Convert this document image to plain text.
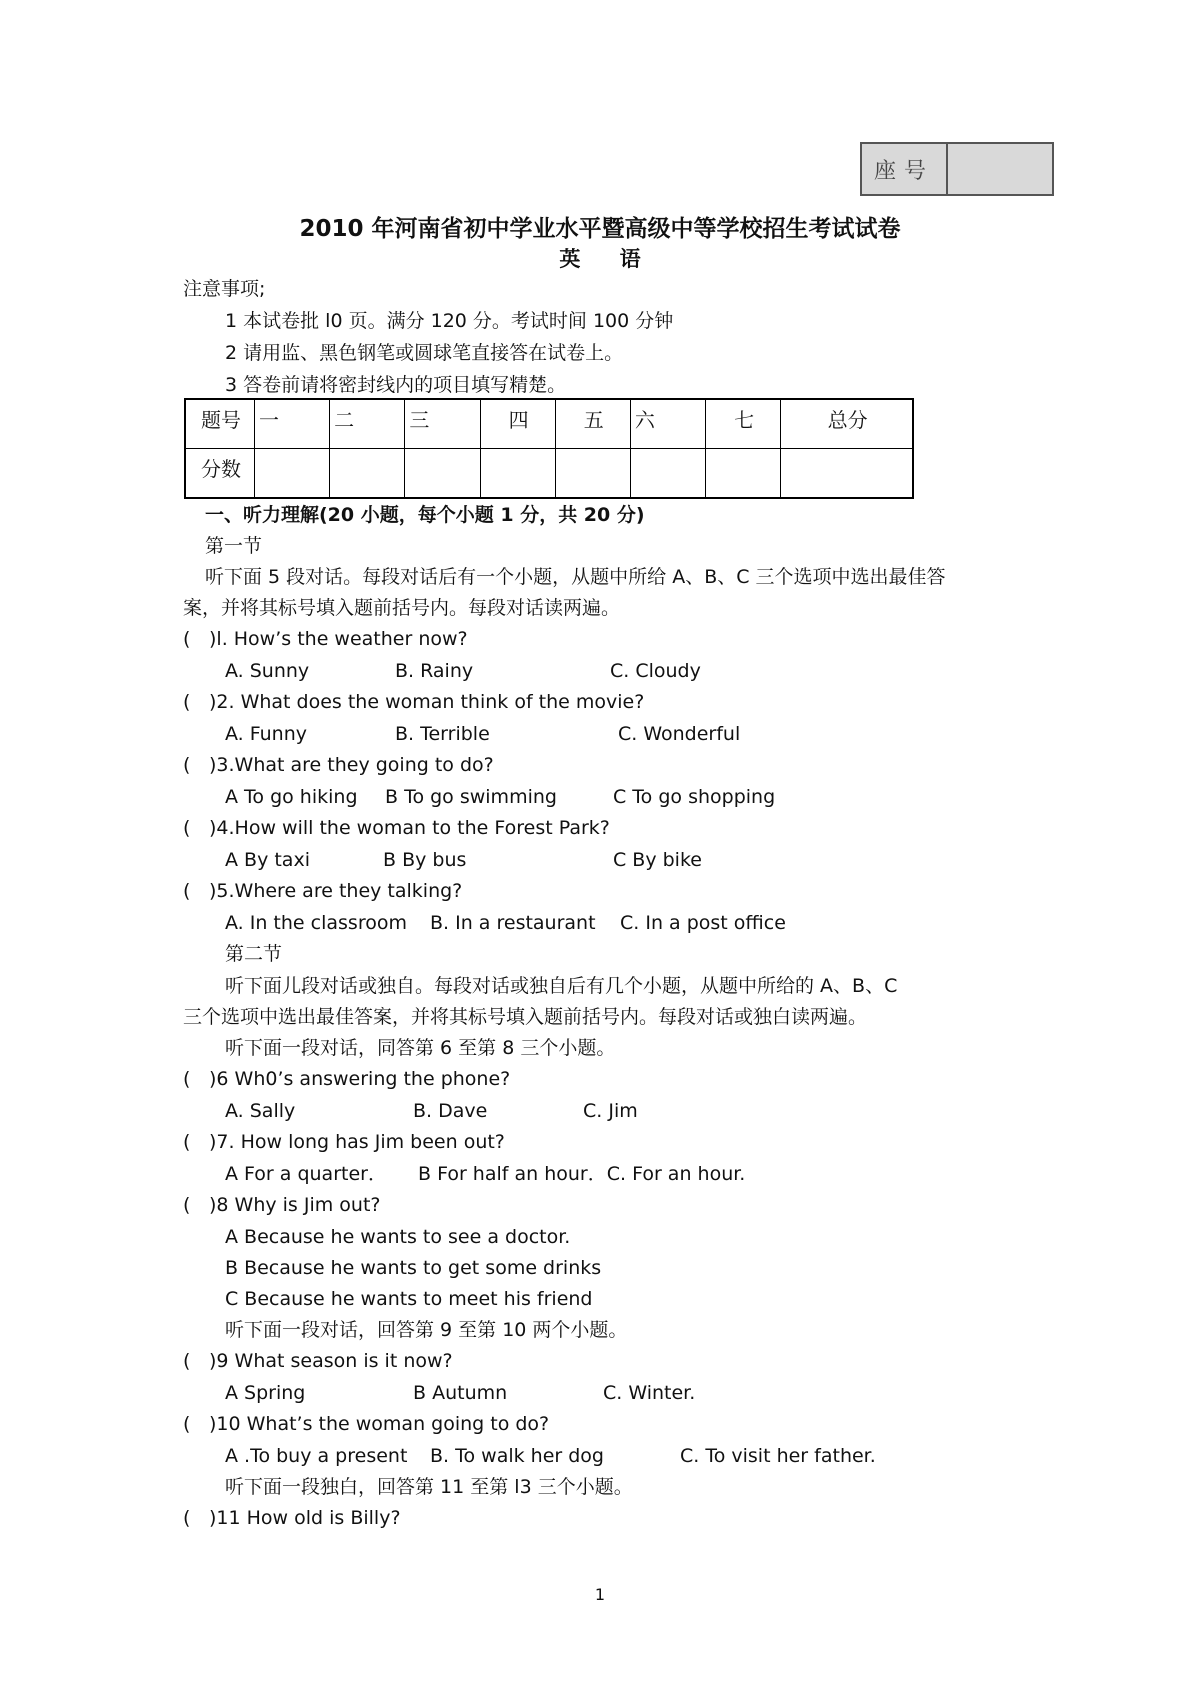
座号
2010 年河南省初中学业水平暨高级中等学校招生考试试卷
英 语
注意事项;
1 本试卷批 l0 页。满分 120 分。考试时间 100 分钟
2 请用监、黑色钢笔或圆球笔直接答在试卷上。
3 答卷前请将密封线内的项目填写精楚。
题号	一	二	三	四	五	六	七	总分
分数								
一、听力理解(20 小题，每个小题 1 分，共 20 分)
第一节
听下面 5 段对话。每段对话后有一个小题，从题中所给 A、B、C 三个选项中选出最佳答
案，并将其标号填入题前括号内。每段对话读两遍。
( )l. How’s the weather now?
A. Sunny	B. Rainy	C. Cloudy
( )2. What does the woman think of the movie?
A. Funny	B. Terrible	C. Wonderful
( )3.What are they going to do?
A To go hiking B To go swimming	C To go shopping
( )4.How will the woman to the Forest Park?
A By taxi	B By bus	C By bike
( )5.Where are they talking?
A. In the classroom B. In a restaurant C. In a post office
第二节
听下面儿段对话或独自。每段对话或独自后有几个小题，从题中所给的 A、B、C
三个选项中选出最佳答案，并将其标号填入题前括号内。每段对话或独白读两遍。
听下面一段对话，同答第 6 至第 8 三个小题。
( )6 Wh0’s answering the phone?
A. Sally	B. Dave	C. Jim
( )7. How long has Jim been out?
A For a quarter． B For half an hour．C. For an hour.
( )8 Why is Jim out?
A Because he wants to see a doctor.
B Because he wants to get some drinks
C Because he wants to meet his friend
听下面一段对话，回答第 9 至第 10 两个小题。
( )9 What season is it now?
A Spring	B Autumn	C. Winter.
( )10 What’s the woman going to do?
A .To buy a present B. To walk her dog	C. To visit her father.
听下面一段独白，回答第 11 至第 l3 三个小题。
( )11 How old is Billy?
1
